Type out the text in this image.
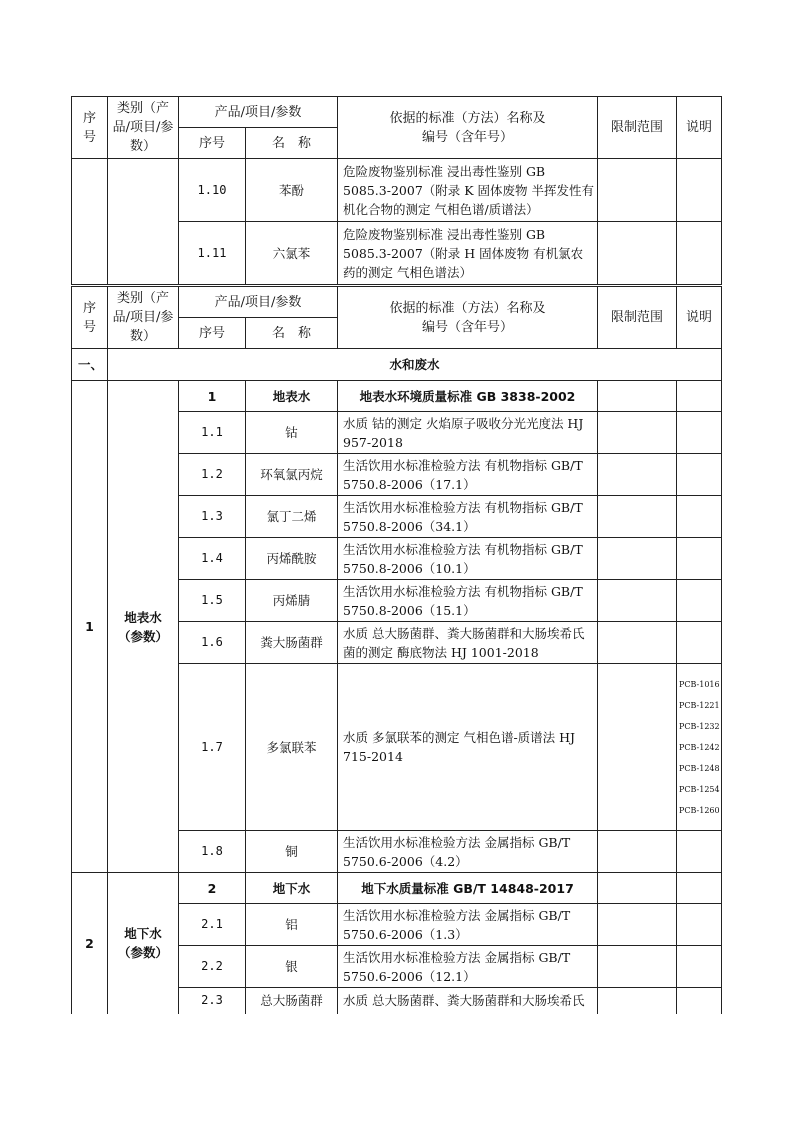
序号	类别（产品/项目/参数）	产品/项目/参数		依据的标准（方法）名称及编号（含年号）	限制范围	说明
		序号	名　称			
		1.10	苯酚	危险废物鉴别标准 浸出毒性鉴别 GB 5085.3-2007（附录 K 固体废物 半挥发性有机化合物的测定 气相色谱/质谱法）		
		1.11	六氯苯	危险废物鉴别标准 浸出毒性鉴别 GB 5085.3-2007（附录 H 固体废物 有机氯农药的测定 气相色谱法）		
序号	类别（产品/项目/参数）	产品/项目/参数		依据的标准（方法）名称及编号（含年号）	限制范围	说明
		序号	名　称			
一、	水和废水					
1	地表水（参数）	1	地表水	地表水环境质量标准 GB 3838-2002		
		1.1	钴	水质 钴的测定 火焰原子吸收分光光度法 HJ 957-2018		
		1.2	环氧氯丙烷	生活饮用水标准检验方法 有机物指标 GB/T 5750.8-2006（17.1）		
		1.3	氯丁二烯	生活饮用水标准检验方法 有机物指标 GB/T 5750.8-2006（34.1）		
		1.4	丙烯酰胺	生活饮用水标准检验方法 有机物指标 GB/T 5750.8-2006（10.1）		
		1.5	丙烯腈	生活饮用水标准检验方法 有机物指标 GB/T 5750.8-2006（15.1）		
		1.6	粪大肠菌群	水质 总大肠菌群、粪大肠菌群和大肠埃希氏菌的测定 酶底物法 HJ 1001-2018		
		1.7	多氯联苯	水质 多氯联苯的测定 气相色谱-质谱法 HJ 715-2014		PCB-1016PCB-1221PCB-1232PCB-1242PCB-1248PCB-1254PCB-1260
		1.8	铜	生活饮用水标准检验方法 金属指标 GB/T 5750.6-2006（4.2）		
2	地下水（参数）	2	地下水	地下水质量标准 GB/T 14848-2017		
		2.1	铝	生活饮用水标准检验方法 金属指标 GB/T 5750.6-2006（1.3）		
		2.2	银	生活饮用水标准检验方法 金属指标 GB/T 5750.6-2006（12.1）		
		2.3	总大肠菌群	水质 总大肠菌群、粪大肠菌群和大肠埃希氏		
